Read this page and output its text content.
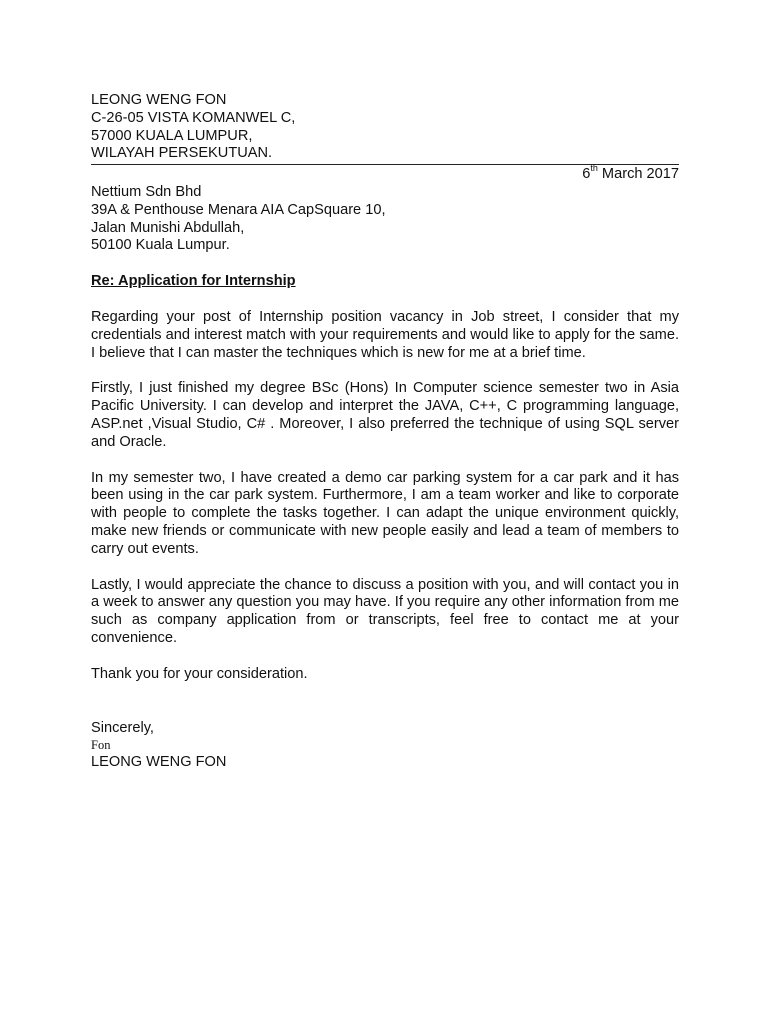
LEONG WENG FON
C-26-05 VISTA KOMANWEL C,
57000 KUALA LUMPUR,
WILAYAH PERSEKUTUAN.
6th March 2017
Nettium Sdn Bhd
39A & Penthouse Menara AIA CapSquare 10,
Jalan Munishi Abdullah,
50100 Kuala Lumpur.
Re: Application for Internship
Regarding your post of Internship position vacancy in Job street, I consider that my credentials and interest match with your requirements and would like to apply for the same. I believe that I can master the techniques which is new for me at a brief time.
Firstly, I just finished my degree BSc (Hons) In Computer science semester two in Asia Pacific University. I can develop and interpret the JAVA, C++, C programming language, ASP.net ,Visual Studio, C# . Moreover, I also preferred the technique of using SQL server and Oracle.
In my semester two, I have created a demo car parking system for a car park and it has been using in the car park system. Furthermore, I am a team worker and like to corporate with people to complete the tasks together. I can adapt the unique environment quickly, make new friends or communicate with new people easily and lead a team of members to carry out events.
Lastly, I would appreciate the chance to discuss a position with you, and will contact you in a week to answer any question you may have. If you require any other information from me such as company application from or transcripts, feel free to contact me at your convenience.
Thank you for your consideration.
Sincerely,
Fon
LEONG WENG FON
